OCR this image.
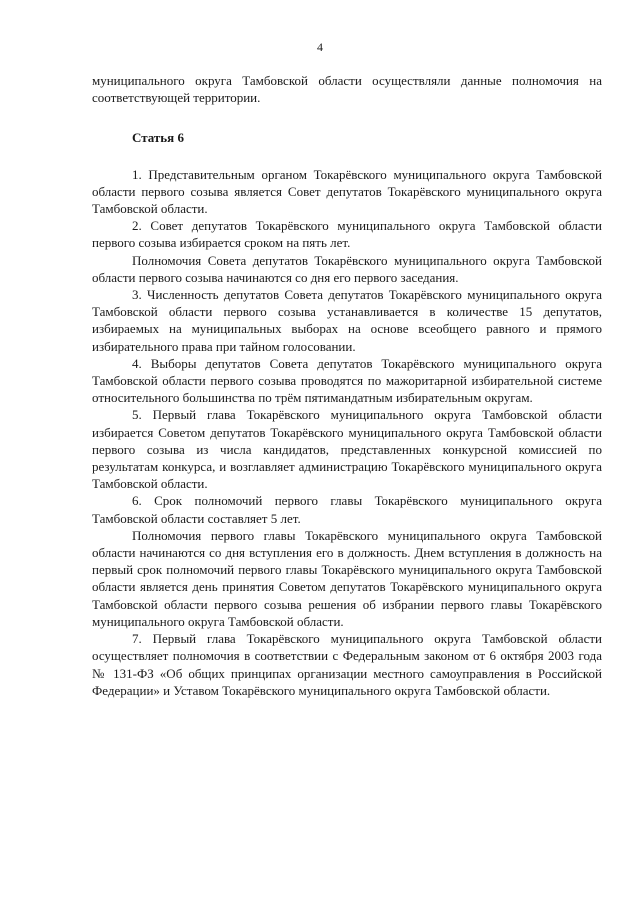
4

муниципального округа Тамбовской области осуществляли данные полномочия на соответствующей территории.

Статья 6

1. Представительным органом Токарёвского муниципального округа Тамбовской области первого созыва является Совет депутатов Токарёвского муниципального округа Тамбовской области.

2. Совет депутатов Токарёвского муниципального округа Тамбовской области первого созыва избирается сроком на пять лет.

Полномочия Совета депутатов Токарёвского муниципального округа Тамбовской области первого созыва начинаются со дня его первого заседания.

3. Численность депутатов Совета депутатов Токарёвского муниципального округа Тамбовской области первого созыва устанавливается в количестве 15 депутатов, избираемых на муниципальных выборах на основе всеобщего равного и прямого избирательного права при тайном голосовании.

4. Выборы депутатов Совета депутатов Токарёвского муниципального округа Тамбовской области первого созыва проводятся по мажоритарной избирательной системе относительного большинства по трём пятимандатным избирательным округам.

5. Первый глава Токарёвского муниципального округа Тамбовской области избирается Советом депутатов Токарёвского муниципального округа Тамбовской области первого созыва из числа кандидатов, представленных конкурсной комиссией по результатам конкурса, и возглавляет администрацию Токарёвского муниципального округа Тамбовской области.

6. Срок полномочий первого главы Токарёвского муниципального округа Тамбовской области составляет 5 лет.

Полномочия первого главы Токарёвского муниципального округа Тамбовской области начинаются со дня вступления его в должность. Днем вступления в должность на первый срок полномочий первого главы Токарёвского муниципального округа Тамбовской области является день принятия Советом депутатов Токарёвского муниципального округа Тамбовской области первого созыва решения об избрании первого главы Токарёвского муниципального округа Тамбовской области.

7. Первый глава Токарёвского муниципального округа Тамбовской области осуществляет полномочия в соответствии с Федеральным законом от 6 октября 2003 года № 131-ФЗ «Об общих принципах организации местного самоуправления в Российской Федерации» и Уставом Токарёвского муниципального округа Тамбовской области.
